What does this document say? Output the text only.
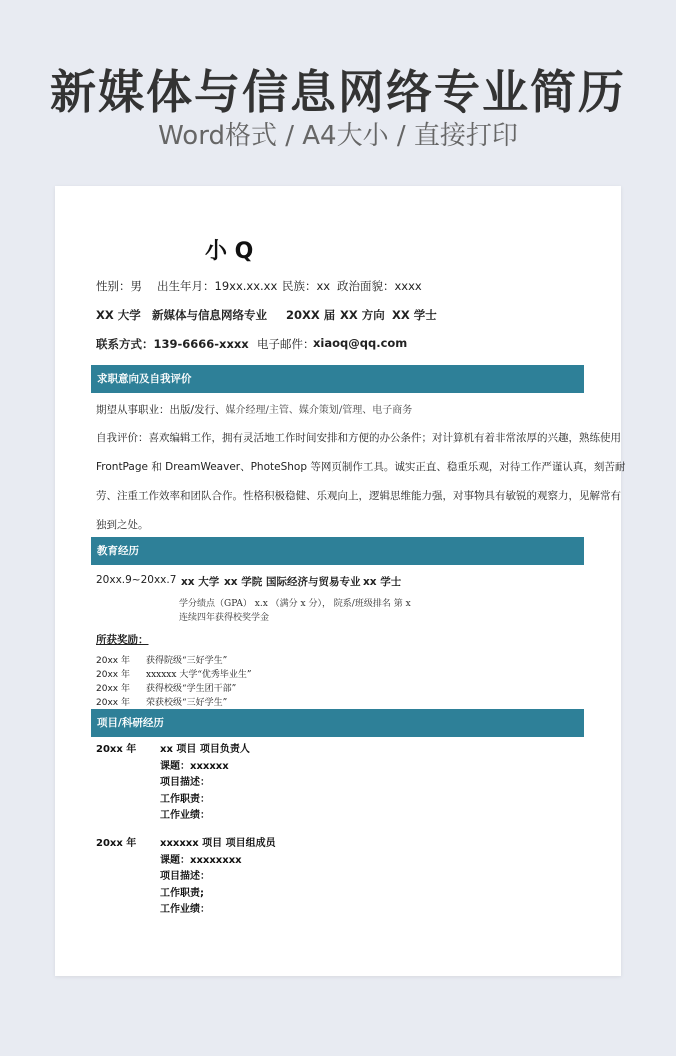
新媒体与信息网络专业简历
Word格式 / A4大小 / 直接打印
小 Q
性别：男 出生年月：19xx.xx.xx 民族：xx 政治面貌：xxxx
XX 大学 新媒体与信息网络专业 20XX 届 XX 方向 XX 学士
联系方式：139-6666-xxxx 电子邮件：
xiaoq@qq.com
求职意向及自我评价
期望从事职业：出版/发行、媒介经理/主管、媒介策划/管理、电子商务
自我评价：喜欢编辑工作，拥有灵活地工作时间安排和方便的办公条件；对计算机有着非常浓厚的兴趣，熟练使用
FrontPage 和 DreamWeaver、PhoteShop 等网页制作工具。诚实正直、稳重乐观，对待工作严谨认真，刻苦耐
劳、注重工作效率和团队合作。性格积极稳健、乐观向上，逻辑思维能力强，对事物具有敏锐的观察力，见解常有
独到之处。
教育经历
20xx.9~20xx.7 xx 大学 xx 学院 国际经济与贸易专业 xx 学士
学分绩点（GPA） x.x （满分 x 分）， 院系/班级排名 第 x
连续四年获得校奖学金
所获奖励：
20xx 年 获得院级“三好学生”
20xx 年 xxxxxx 大学“优秀毕业生”
20xx 年 获得校级“学生团干部”
20xx 年 荣获校级“三好学生”
项目/科研经历
20xx 年 xx 项目 项目负责人
课题：xxxxxx
项目描述：
工作职责：
工作业绩：
20xx 年 xxxxxx 项目 项目组成员
课题：xxxxxxxx
项目描述：
工作职责;
工作业绩：
